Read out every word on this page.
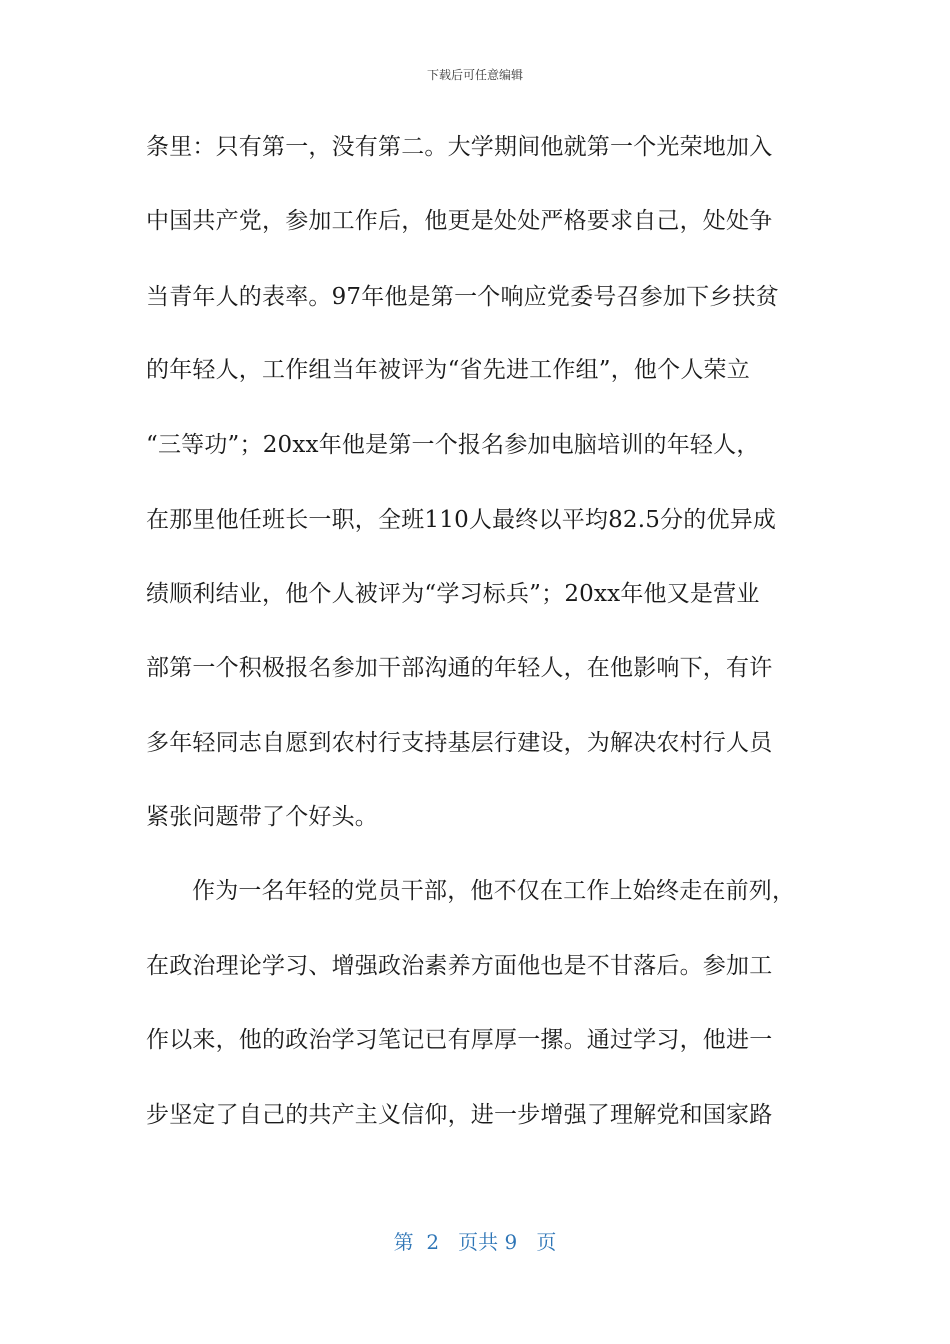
下载后可任意编辑
条里：只有第一，没有第二。大学期间他就第一个光荣地加入
中国共产党，参加工作后，他更是处处严格要求自己，处处争
当青年人的表率。97年他是第一个响应党委号召参加下乡扶贫
的年轻人，工作组当年被评为“省先进工作组”，他个人荣立
“三等功”；20xx年他是第一个报名参加电脑培训的年轻人，
在那里他任班长一职，全班110人最终以平均82.5分的优异成
绩顺利结业，他个人被评为“学习标兵”；20xx年他又是营业
部第一个积极报名参加干部沟通的年轻人，在他影响下，有许
多年轻同志自愿到农村行支持基层行建设，为解决农村行人员
紧张问题带了个好头。
作为一名年轻的党员干部，他不仅在工作上始终走在前列，
在政治理论学习、增强政治素养方面他也是不甘落后。参加工
作以来，他的政治学习笔记已有厚厚一摞。通过学习，他进一
步坚定了自己的共产主义信仰，进一步增强了理解党和国家路
第  2   页共 9   页
